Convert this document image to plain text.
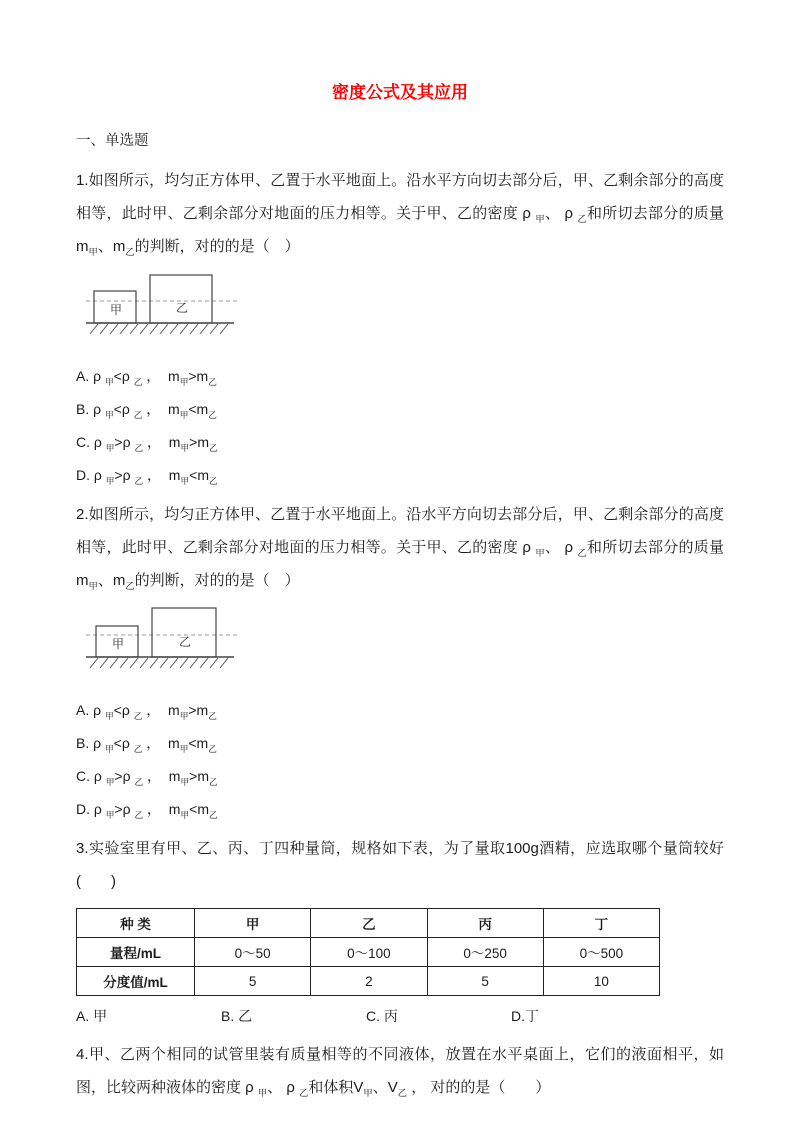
密度公式及其应用
一、单选题

1.如图所示，均匀正方体甲、乙置于水平地面上。沿水平方向切去部分后，甲、乙剩余部分的高度相等，此时甲、乙剩余部分对地面的压力相等。关于甲、乙的密度 ρ $_甲$、 ρ $_乙$和所切去部分的质量$m_甲$、$m_乙$的判断，对的的是（　）

甲	乙
A. ρ $_甲$<ρ $_乙$ ，  $m_甲>m_乙$
B. ρ $_甲$<ρ $_乙$ ，  $m_甲<m_乙$
C. ρ $_甲$>ρ $_乙$ ，  $m_甲>m_乙$
D. ρ $_甲$>ρ $_乙$ ，  $m_甲<m_乙$

2.如图所示，均匀正方体甲、乙置于水平地面上。沿水平方向切去部分后，甲、乙剩余部分的高度相等，此时甲、乙剩余部分对地面的压力相等。关于甲、乙的密度 ρ $_甲$、 ρ $_乙$和所切去部分的质量$m_甲$、$m_乙$的判断，对的的是（　）

甲	乙
A. ρ $_甲$<ρ $_乙$ ，  $m_甲>m_乙$
B. ρ $_甲$<ρ $_乙$ ，  $m_甲<m_乙$
C. ρ $_甲$>ρ $_乙$ ，  $m_甲>m_乙$
D. ρ $_甲$>ρ $_乙$ ，  $m_甲<m_乙$

3.实验室里有甲、乙、丙、丁四种量筒，规格如下表，为了量取100g酒精，应选取哪个量筒较好(　　)

种 类	甲	乙	丙	丁
量程/mL	0～50	0～100	0～250	0～500
分度值/mL	5	2	5	10
A. 甲	B. 乙	C. 丙	D.丁

4.甲、乙两个相同的试管里装有质量相等的不同液体，放置在水平桌面上，它们的液面相平，如图，比较两种液体的密度 ρ $_甲$、 ρ $_乙$和体积$V_甲$、$V_乙$ ， 对的的是（　　）
